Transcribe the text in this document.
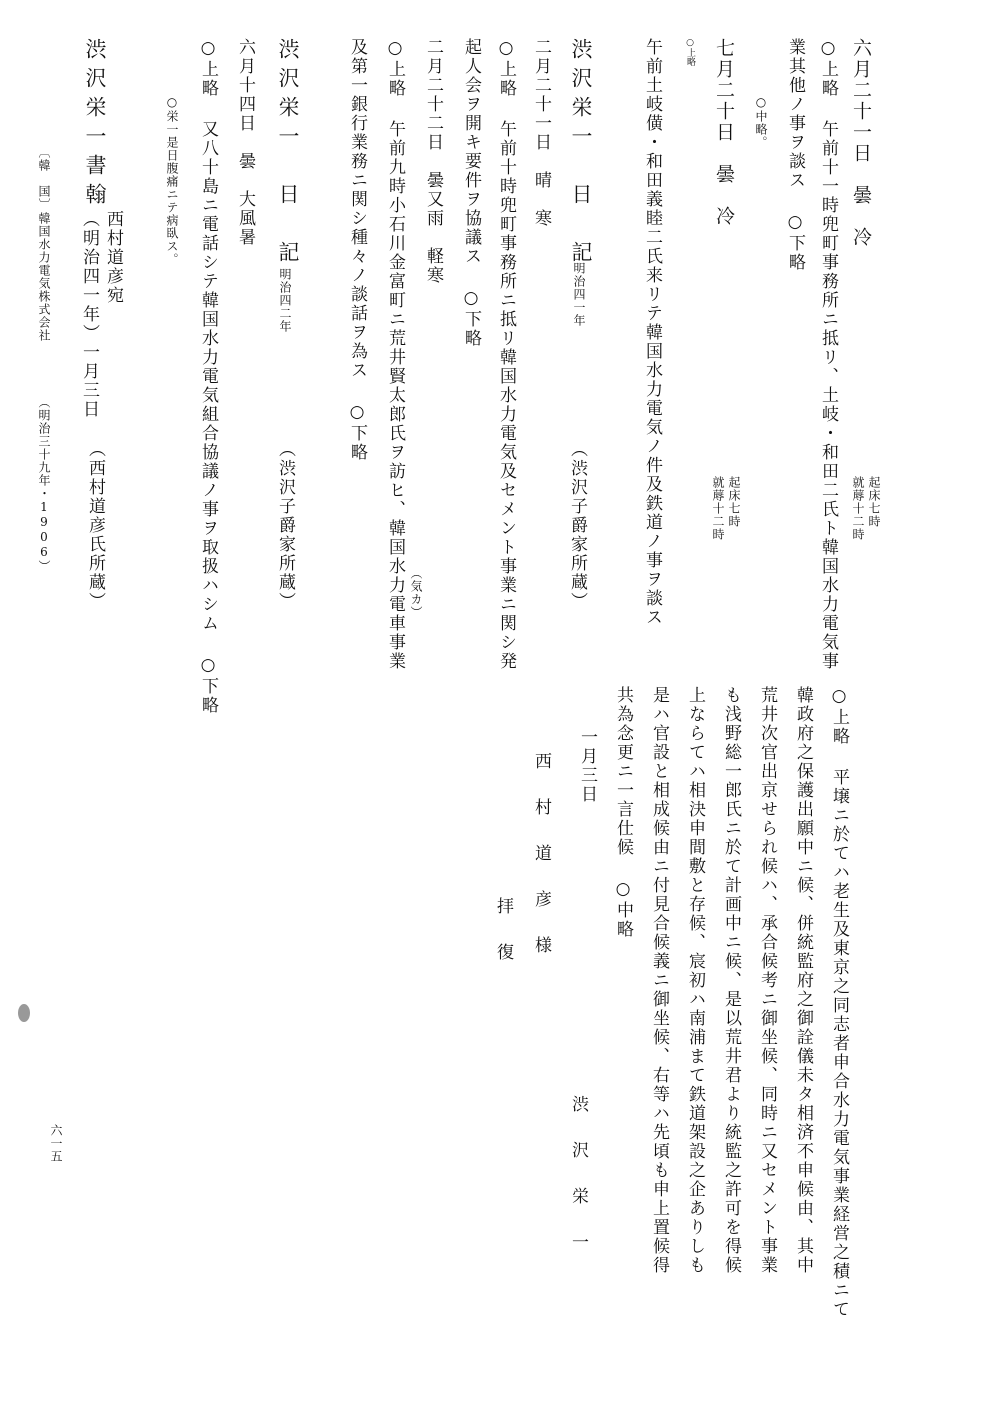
六月二十一日　曇　冷
起床七時
就蓐十二時
○上略 午前十一時兜町事務所ニ抵リ、土岐・和田二氏ト韓国水力電気事
業其他ノ事ヲ談ス ○下略
○中略。
七月二十日　曇　冷
起床七時
就蓐十二時
○上略
午前土岐僙・和田義睦二氏来リテ韓国水力電気ノ件及鉄道ノ事ヲ談ス
渋沢栄一　日　記
明治四一年
（渋沢子爵家所蔵）
二月二十一日　晴　寒
○上略 午前十時兜町事務所ニ抵リ韓国水力電気及セメント事業ニ関シ発
起人会ヲ開キ要件ヲ協議ス ○下略
二月二十二日　曇又雨　軽寒
○上略 午前九時小石川金富町ニ荒井賢太郎氏ヲ訪ヒ、韓国水力電車事業 （気カ）
及第一銀行業務ニ関シ種々ノ談話ヲ為ス ○下略
渋沢栄一　日　記
明治四二年
（渋沢子爵家所蔵）
六月十四日　曇　大風暑
○上略 又八十島ニ電話シテ韓国水力電気組合協議ノ事ヲ取扱ハシム ○下略
○栄一是日腹痛ニテ病臥ス。
渋沢栄一書翰
西村道彦宛
（明治四一年）一月三日
（西村道彦氏所蔵）
〔韓　国〕
韓国水力電気株式会社
（明治三十九年・1906）
○上略 平壌ニ於てハ老生及東京之同志者申合水力電気事業経営之積ニて
韓政府之保護出願中ニ候、併統監府之御詮儀未タ相済不申候由、其中
荒井次官出京せられ候ハ、承合候考ニ御坐候、同時ニ又セメント事業
も浅野総一郎氏ニ於て計画中ニ候、是以荒井君より統監之許可を得候
上ならてハ相決申間敷と存候、宸初ハ南浦まて鉄道架設之企ありしも
是ハ官設と相成候由ニ付見合候義ニ御坐候、右等ハ先頃も申上置候得
共為念更ニ一言仕候 ○中略
一月三日
渋　沢　栄　一
西　村　道　彦　様
拝　復
六一五
